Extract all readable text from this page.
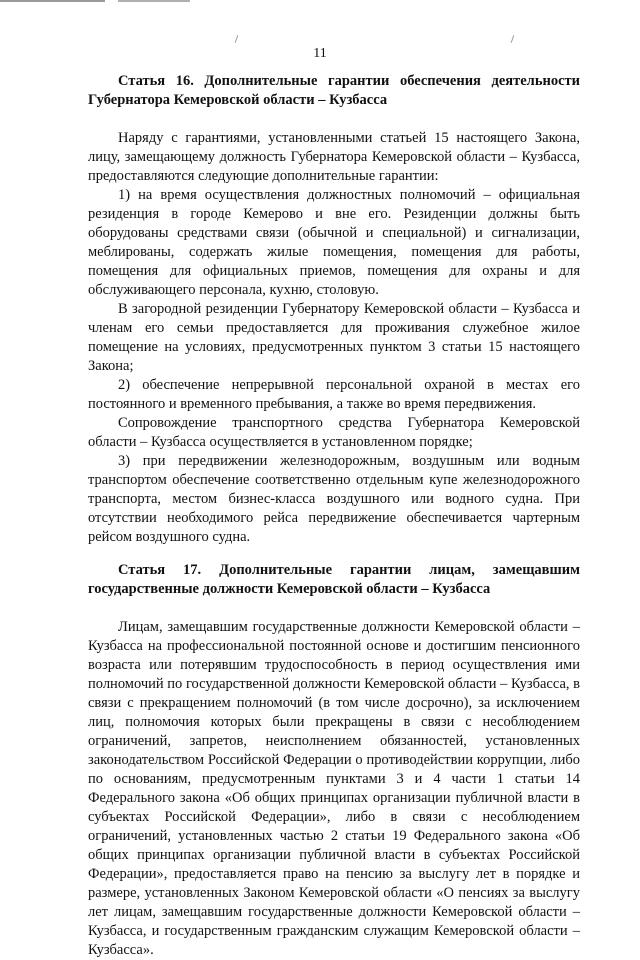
11

Статья 16. Дополнительные гарантии обеспечения деятельности Губернатора Кемеровской области – Кузбасса

Наряду с гарантиями, установленными статьей 15 настоящего Закона, лицу, замещающему должность Губернатора Кемеровской области – Кузбасса, предоставляются следующие дополнительные гарантии:

1) на время осуществления должностных полномочий – официальная резиденция в городе Кемерово и вне его. Резиденции должны быть оборудованы средствами связи (обычной и специальной) и сигнализации, меблированы, содержать жилые помещения, помещения для работы, помещения для официальных приемов, помещения для охраны и для обслуживающего персонала, кухню, столовую.

В загородной резиденции Губернатору Кемеровской области – Кузбасса и членам его семьи предоставляется для проживания служебное жилое помещение на условиях, предусмотренных пунктом 3 статьи 15 настоящего Закона;

2) обеспечение непрерывной персональной охраной в местах его постоянного и временного пребывания, а также во время передвижения.

Сопровождение транспортного средства Губернатора Кемеровской области – Кузбасса осуществляется в установленном порядке;

3) при передвижении железнодорожным, воздушным или водным транспортом обеспечение соответственно отдельным купе железнодорожного транспорта, местом бизнес-класса воздушного или водного судна. При отсутствии необходимого рейса передвижение обеспечивается чартерным рейсом воздушного судна.

Статья 17. Дополнительные гарантии лицам, замещавшим государственные должности Кемеровской области – Кузбасса

Лицам, замещавшим государственные должности Кемеровской области – Кузбасса на профессиональной постоянной основе и достигшим пенсионного возраста или потерявшим трудоспособность в период осуществления ими полномочий по государственной должности Кемеровской области – Кузбасса, в связи с прекращением полномочий (в том числе досрочно), за исключением лиц, полномочия которых были прекращены в связи с несоблюдением ограничений, запретов, неисполнением обязанностей, установленных законодательством Российской Федерации о противодействии коррупции, либо по основаниям, предусмотренным пунктами 3 и 4 части 1 статьи 14 Федерального закона «Об общих принципах организации публичной власти в субъектах Российской Федерации», либо в связи с несоблюдением ограничений, установленных частью 2 статьи 19 Федерального закона «Об общих принципах организации публичной власти в субъектах Российской Федерации», предоставляется право на пенсию за выслугу лет в порядке и размере, установленных Законом Кемеровской области «О пенсиях за выслугу лет лицам, замещавшим государственные должности Кемеровской области – Кузбасса, и государственным гражданским служащим Кемеровской области – Кузбасса».
